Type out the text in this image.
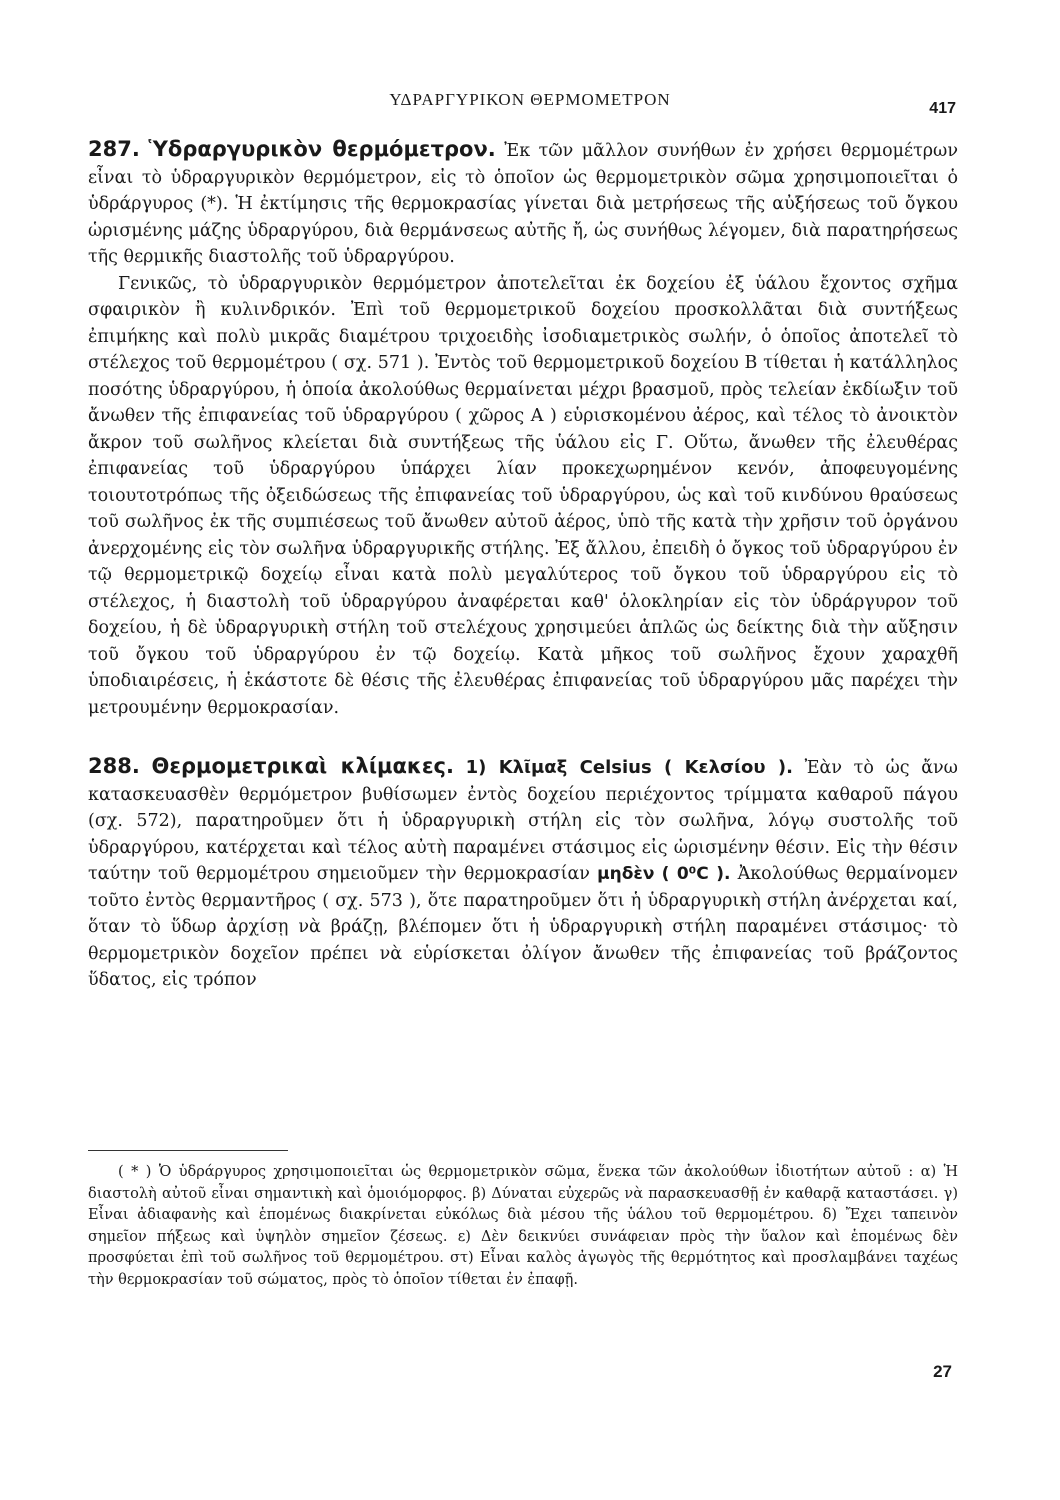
ΥΔΡΑΡΓΥΡΙΚΟΝ ΘΕΡΜΟΜΕΤΡΟΝ	417

287. Ὑδραργυρικὸν θερμόμετρον. Ἐκ τῶν μᾶλλον συνήθων ἐν χρήσει θερμομέτρων εἶναι τὸ ὑδραργυρικὸν θερμόμετρον, εἰς τὸ ὁποῖον ὡς θερμομετρικὸν σῶμα χρησιμοποιεῖται ὁ ὑδράργυρος (*). Ἡ ἐκτίμησις τῆς θερμοκρασίας γίνεται διὰ μετρήσεως τῆς αὐξήσεως τοῦ ὄγκου ὡρισμένης μάζης ὑδραργύρου, διὰ θερμάνσεως αὐτῆς ἤ, ὡς συνήθως λέγομεν, διὰ παρατηρήσεως τῆς θερμικῆς διαστολῆς τοῦ ὑδραργύρου.

Γενικῶς, τὸ ὑδραργυρικὸν θερμόμετρον ἀποτελεῖται ἐκ δοχείου ἐξ ὑάλου ἔχοντος σχῆμα σφαιρικὸν ἢ κυλινδρικόν. Ἐπὶ τοῦ θερμομετρικοῦ δοχείου προσκολλᾶται διὰ συντήξεως ἐπιμήκης καὶ πολὺ μικρᾶς διαμέτρου τριχοειδὴς ἰσοδιαμετρικὸς σωλήν, ὁ ὁποῖος ἀποτελεῖ τὸ στέλεχος τοῦ θερμομέτρου ( σχ. 571 ). Ἐντὸς τοῦ θερμομετρικοῦ δοχείου Β τίθεται ἡ κατάλληλος ποσότης ὑδραργύρου, ἡ ὁποία ἀκολούθως θερμαίνεται μέχρι βρασμοῦ, πρὸς τελείαν ἐκδίωξιν τοῦ ἄνωθεν τῆς ἐπιφανείας τοῦ ὑδραργύρου ( χῶρος Α ) εὑρισκομένου ἀέρος, καὶ τέλος τὸ ἀνοικτὸν ἄκρον τοῦ σωλῆνος κλείεται διὰ συντήξεως τῆς ὑάλου εἰς Γ. Οὕτω, ἄνωθεν τῆς ἐλευθέρας ἐπιφανείας τοῦ ὑδραργύρου ὑπάρχει λίαν προκεχωρημένον κενόν, ἀποφευγομένης τοιουτοτρόπως τῆς ὀξειδώσεως τῆς ἐπιφανείας τοῦ ὑδραργύρου, ὡς καὶ τοῦ κινδύνου θραύσεως τοῦ σωλῆνος ἐκ τῆς συμπιέσεως τοῦ ἄνωθεν αὐτοῦ ἀέρος, ὑπὸ τῆς κατὰ τὴν χρῆσιν τοῦ ὀργάνου ἀνερχομένης εἰς τὸν σωλῆνα ὑδραργυρικῆς στήλης. Ἐξ ἄλλου, ἐπειδὴ ὁ ὄγκος τοῦ ὑδραργύρου ἐν τῷ θερμομετρικῷ δοχείῳ εἶναι κατὰ πολὺ μεγαλύτερος τοῦ ὄγκου τοῦ ὑδραργύρου εἰς τὸ στέλεχος, ἡ διαστολὴ τοῦ ὑδραργύρου ἀναφέρεται καθ' ὁλοκληρίαν εἰς τὸν ὑδράργυρον τοῦ δοχείου, ἡ δὲ ὑδραργυρικὴ στήλη τοῦ στελέχους χρησιμεύει ἁπλῶς ὡς δείκτης διὰ τὴν αὔξησιν τοῦ ὄγκου τοῦ ὑδραργύρου ἐν τῷ δοχείῳ. Κατὰ μῆκος τοῦ σωλῆνος ἔχουν χαραχθῆ ὑποδιαιρέσεις, ἡ ἑκάστοτε δὲ θέσις τῆς ἐλευθέρας ἐπιφανείας τοῦ ὑδραργύρου μᾶς παρέχει τὴν μετρουμένην θερμοκρασίαν.

288. Θερμομετρικαὶ κλίμακες. 1) Κλῖμαξ Celsius ( Κελσίου ). Ἐὰν τὸ ὡς ἄνω κατασκευασθὲν θερμόμετρον βυθίσωμεν ἐντὸς δοχείου περιέχοντος τρίμματα καθαροῦ πάγου (σχ. 572), παρατηροῦμεν ὅτι ἡ ὑδραργυρικὴ στήλη εἰς τὸν σωλῆνα, λόγῳ συστολῆς τοῦ ὑδραργύρου, κατέρχεται καὶ τέλος αὐτὴ παραμένει στάσιμος εἰς ὡρισμένην θέσιν. Εἰς τὴν θέσιν ταύτην τοῦ θερμομέτρου σημειοῦμεν τὴν θερμοκρασίαν μηδὲν ( 0⁰C ). Ἀκολούθως θερμαίνομεν τοῦτο ἐντὸς θερμαντῆρος ( σχ. 573 ), ὅτε παρατηροῦμεν ὅτι ἡ ὑδραργυρικὴ στήλη ἀνέρχεται καί, ὅταν τὸ ὕδωρ ἀρχίσῃ νὰ βράζῃ, βλέπομεν ὅτι ἡ ὑδραργυρικὴ στήλη παραμένει στάσιμος· τὸ θερμομετρικὸν δοχεῖον πρέπει νὰ εὑρίσκεται ὀλίγον ἄνωθεν τῆς ἐπιφανείας τοῦ βράζοντος ὕδατος, εἰς τρόπον

( * ) Ὁ ὑδράργυρος χρησιμοποιεῖται ὡς θερμομετρικὸν σῶμα, ἕνεκα τῶν ἀκολούθων ἰδιοτήτων αὐτοῦ : α) Ἡ διαστολὴ αὐτοῦ εἶναι σημαντικὴ καὶ ὁμοιόμορφος. β) Δύναται εὐχερῶς νὰ παρασκευασθῇ ἐν καθαρᾷ καταστάσει. γ) Εἶναι ἀδιαφανὴς καὶ ἑπομένως διακρίνεται εὐκόλως διὰ μέσου τῆς ὑάλου τοῦ θερμομέτρου. δ) Ἔχει ταπεινὸν σημεῖον πήξεως καὶ ὑψηλὸν σημεῖον ζέσεως. ε) Δὲν δεικνύει συνάφειαν πρὸς τὴν ὕαλον καὶ ἑπομένως δὲν προσφύεται ἐπὶ τοῦ σωλῆνος τοῦ θερμομέτρου. στ) Εἶναι καλὸς ἀγωγὸς τῆς θερμότητος καὶ προσλαμβάνει ταχέως τὴν θερμοκρασίαν τοῦ σώματος, πρὸς τὸ ὁποῖον τίθεται ἐν ἐπαφῇ.

27
